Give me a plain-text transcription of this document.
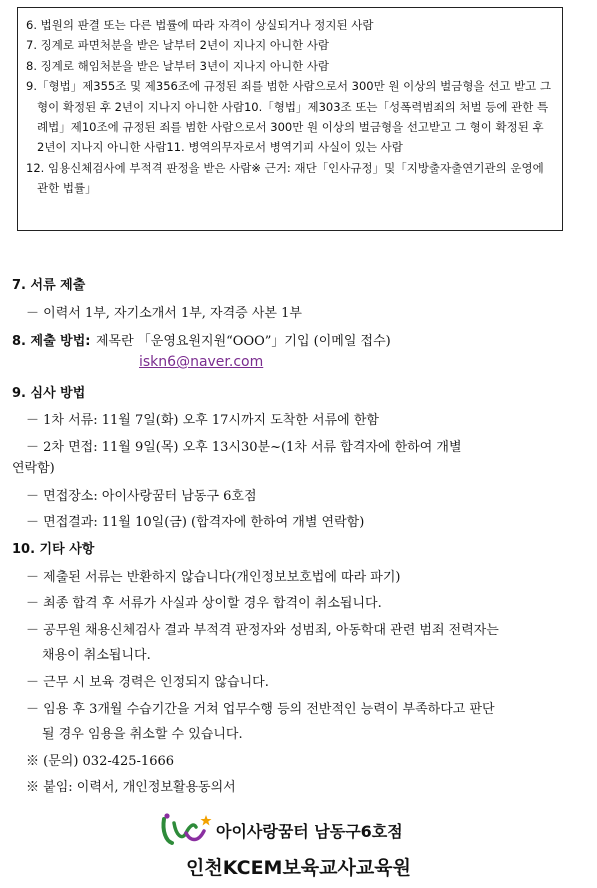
6. 법원의 판결 또는 다른 법률에 따라 자격이 상실되거나 정지된 사람
7. 징계로 파면처분을 받은 날부터 2년이 지나지 아니한 사람
8. 징계로 해임처분을 받은 날부터 3년이 지나지 아니한 사람
9.「형법」제355조 및 제356조에 규정된 죄를 범한 사람으로서 300만 원 이상의 벌금형을 선고 받고 그 형이 확정된 후 2년이 지나지 아니한 사람10.「형법」제303조 또는「성폭력범죄의 처벌 등에 관한 특례법」제10조에 규정된 죄를 범한 사람으로서 300만 원 이상의 벌금형을 선고받고 그 형이 확정된 후 2년이 지나지 아니한 사람11. 병역의무자로서 병역기피 사실이 있는 사람
12. 임용신체검사에 부적격 판정을 받은 사람※ 근거: 재단「인사규정」및「지방출자출연기관의 운영에 관한 법률」
7. 서류 제출
－ 이력서 1부, 자기소개서 1부, 자격증 사본 1부
8. 제출 방법: 제목란 「운영요원지원“OOO”」기입 (이메일 접수)
iskn6@naver.com
9. 심사 방법
－ 1차 서류: 11월 7일(화) 오후 17시까지 도착한 서류에 한함
－ 2차 면접: 11월 9일(목) 오후 13시30분~(1차 서류 합격자에 한하여 개별
연락함)
－ 면접장소: 아이사랑꿈터 남동구 6호점
－ 면접결과: 11월 10일(금) (합격자에 한하여 개별 연락함)
10. 기타 사항
－ 제출된 서류는 반환하지 않습니다(개인정보보호법에 따라 파기)
－ 최종 합격 후 서류가 사실과 상이할 경우 합격이 취소됩니다.
－ 공무원 채용신체검사 결과 부적격 판정자와 성범죄, 아동학대 관련 범죄 전력자는
채용이 취소됩니다.
－ 근무 시 보육 경력은 인정되지 않습니다.
－ 임용 후 3개월 수습기간을 거쳐 업무수행 등의 전반적인 능력이 부족하다고 판단
될 경우 임용을 취소할 수 있습니다.
※ (문의) 032-425-1666
※ 붙임: 이력서, 개인정보활용동의서
아이사랑꿈터 남동구6호점
인천KCEM보육교사교육원
